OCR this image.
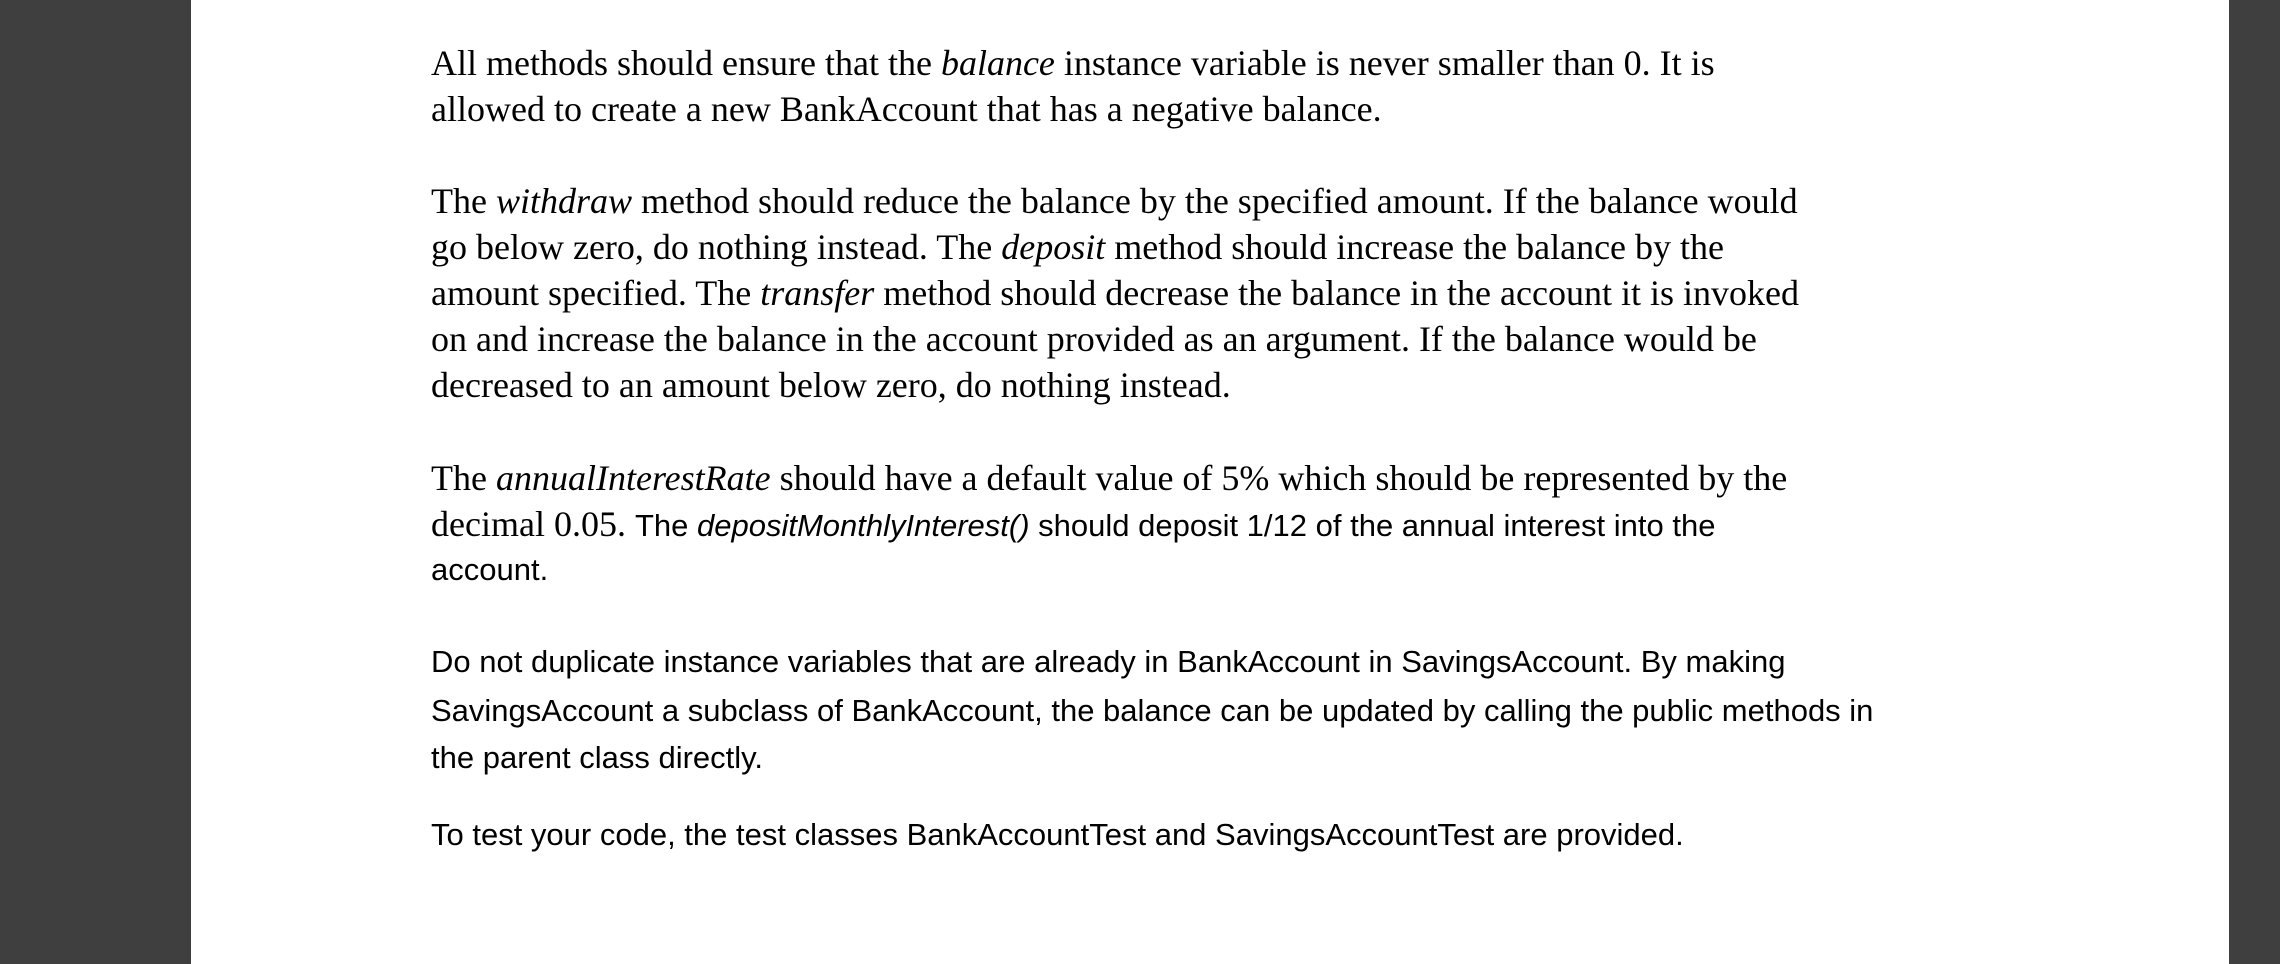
All methods should ensure that the balance instance variable is never smaller than 0. It is
allowed to create a new BankAccount that has a negative balance.
The withdraw method should reduce the balance by the specified amount. If the balance would
go below zero, do nothing instead. The deposit method should increase the balance by the
amount specified. The transfer method should decrease the balance in the account it is invoked
on and increase the balance in the account provided as an argument. If the balance would be
decreased to an amount below zero, do nothing instead.
The annualInterestRate should have a default value of 5% which should be represented by the
decimal 0.05. The depositMonthlyInterest() should deposit 1/12 of the annual interest into the
account.
Do not duplicate instance variables that are already in BankAccount in SavingsAccount. By making
SavingsAccount a subclass of BankAccount, the balance can be updated by calling the public methods in
the parent class directly.
To test your code, the test classes BankAccountTest and SavingsAccountTest are provided.
